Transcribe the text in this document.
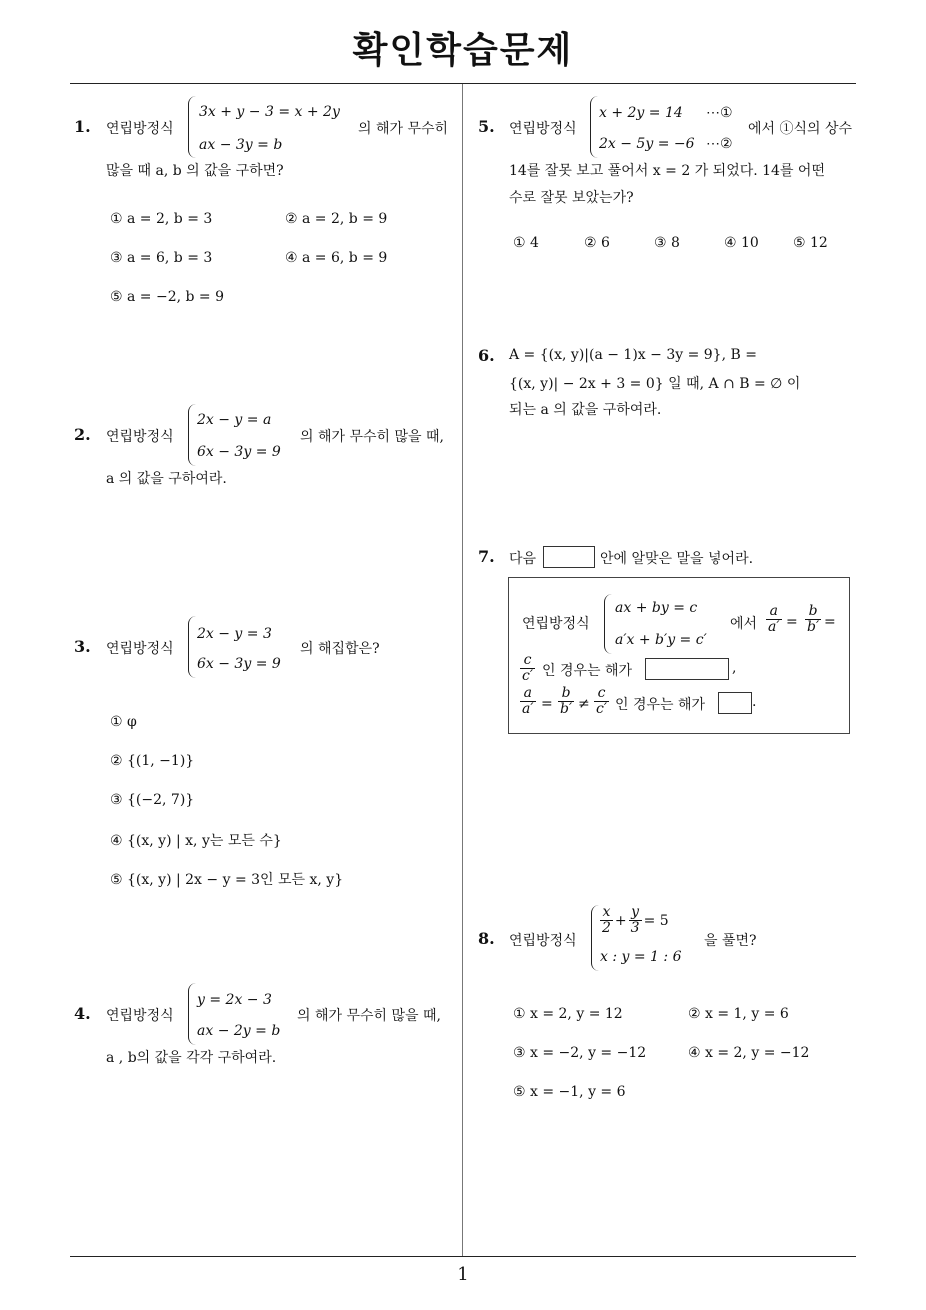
확인학습문제
1
1. 연립방정식
3x + y − 3 = x + 2y
ax − 3y = b
의 해가 무수히
많을 때 a, b 의 값을 구하면?
① a = 2, b = 3	② a = 2, b = 9
③ a = 6, b = 3	④ a = 6, b = 9
⑤ a = −2, b = 9
2. 연립방정식
2x − y = a
6x − 3y = 9
의 해가 무수히 많을 때,
a 의 값을 구하여라.
3. 연립방정식
2x − y = 3
6x − 3y = 9
의 해집합은?
① φ
② {(1, −1)}
③ {(−2, 7)}
④ {(x, y) | x, y는 모든 수}
⑤ {(x, y) | 2x − y = 3인 모든 x, y}
4. 연립방정식
y = 2x − 3
ax − 2y = b
의 해가 무수히 많을 때,
a , b의 값을 각각 구하여라.
5. 연립방정식
x + 2y = 14 ⋯①
2x − 5y = −6 ⋯②
에서 ①식의 상수
14를 잘못 보고 풀어서 x = 2 가 되었다. 14를 어떤
수로 잘못 보았는가?
① 4	② 6	③ 8	④ 10 ⑤ 12
6. A = {(x, y)|(a − 1)x − 3y = 9}, B =
{(x, y)| − 2x + 3 = 0} 일 때, A ∩ B = ∅ 이
되는 a 의 값을 구하여라.
7. 다음	안에 알맞은 말을 넣어라.
연립방정식
ax + by = c
a′x + b′y = c′
에서 $\frac{a}{a'} = \frac{b}{b'}$ =
$\frac{c}{c'}$ 인 경우는 해가	,
$\frac{a}{a'} = \frac{b}{b'} \ne \frac{c}{c'}$ 인 경우는 해가	.
8. 연립방정식
$\frac{x}{2} + \frac{y}{3} = 5$
x : y = 1 : 6
을 풀면?
① x = 2, y = 12	② x = 1, y = 6
③ x = −2, y = −12	④ x = 2, y = −12
⑤ x = −1, y = 6
